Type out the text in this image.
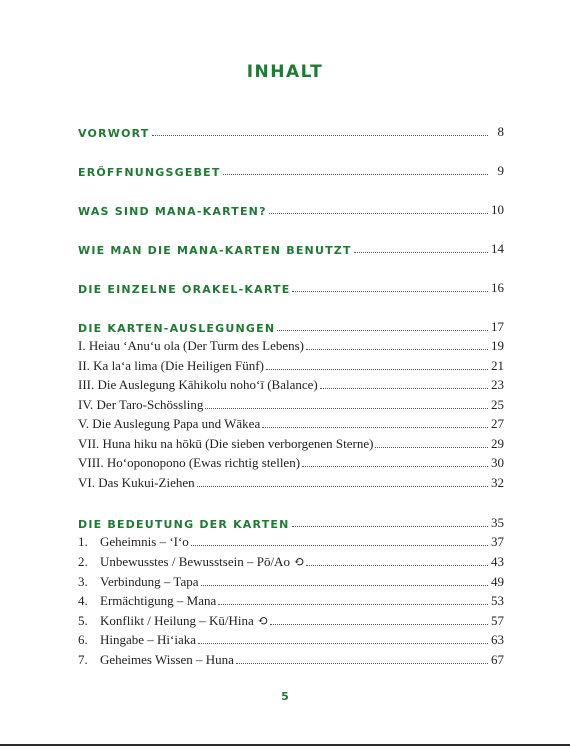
INHALT
VORWORT	8
ERÖFFNUNGSGEBET	9
WAS SIND MANA-KARTEN?	10
WIE MAN DIE MANA-KARTEN BENUTZT	14
DIE EINZELNE ORAKEL-KARTE	16
DIE KARTEN-AUSLEGUNGEN	17
I. Heiau ʻAnuʻu ola (Der Turm des Lebens)	19
II. Ka laʻa lima (Die Heiligen Fünf)	21
III. Die Auslegung Kāhikolu nohoʻī (Balance)	23
IV. Der Taro-Schössling	25
V. Die Auslegung Papa und Wākea	27
VII. Huna hiku na hōkū (Die sieben verborgenen Sterne)	29
VIII. Hoʻoponopono (Ewas richtig stellen)	30
VI. Das Kukui-Ziehen	32
DIE BEDEUTUNG DER KARTEN	35
1. Geheimnis – ʻIʻo	37
2. Unbewusstes / Bewusstsein – Pō/Ao ⟲	43
3. Verbindung – Tapa	49
4. Ermächtigung – Mana	53
5. Konflikt / Heilung – Kū/Hina ⟲	57
6. Hingabe – Hiʻiaka	63
7. Geheimes Wissen – Huna	67
5
